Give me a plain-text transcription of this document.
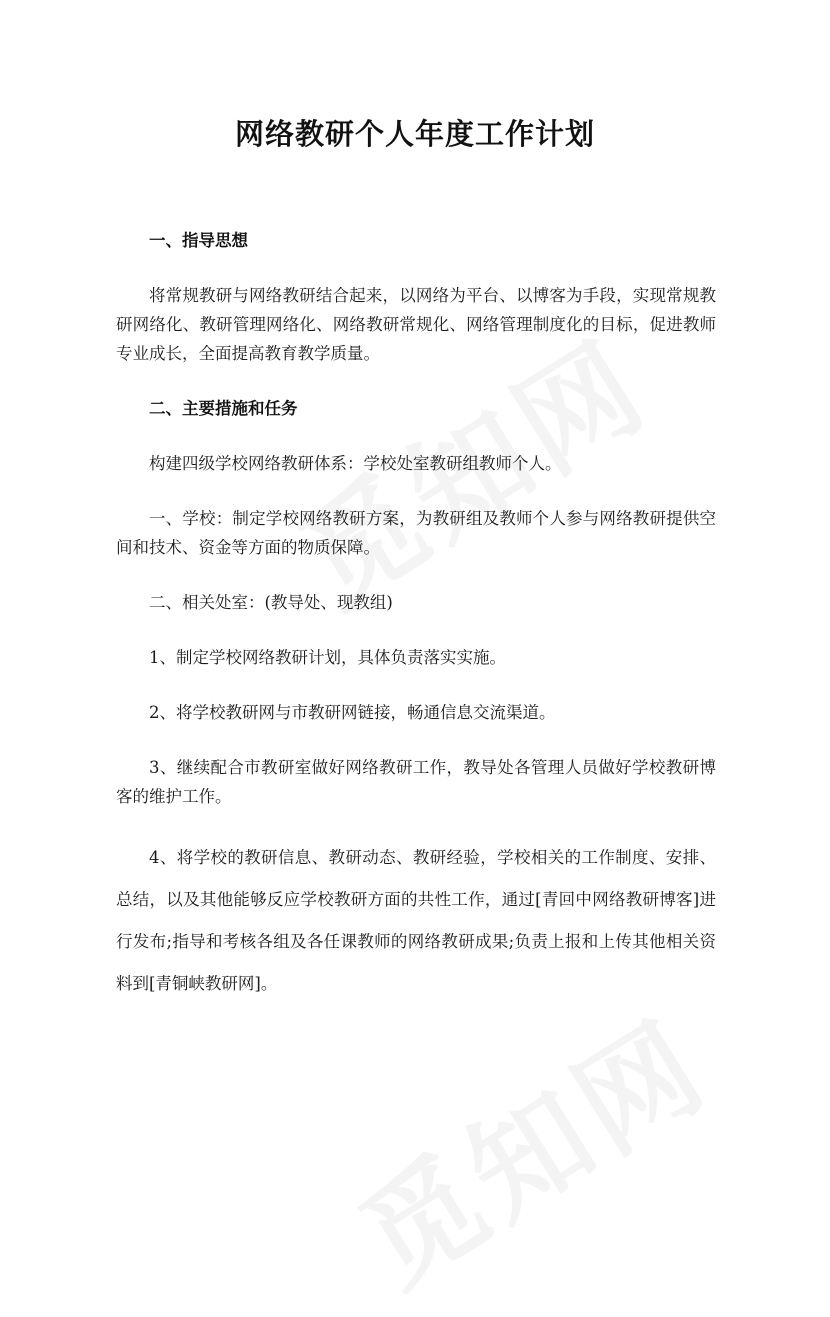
网络教研个人年度工作计划

一、指导思想

将常规教研与网络教研结合起来，以网络为平台、以博客为手段，实现常规教研网络化、教研管理网络化、网络教研常规化、网络管理制度化的目标，促进教师专业成长，全面提高教育教学质量。

二、主要措施和任务

构建四级学校网络教研体系：学校处室教研组教师个人。

一、学校：制定学校网络教研方案，为教研组及教师个人参与网络教研提供空间和技术、资金等方面的物质保障。

二、相关处室：(教导处、现教组)

1、制定学校网络教研计划，具体负责落实实施。

2、将学校教研网与市教研网链接，畅通信息交流渠道。

3、继续配合市教研室做好网络教研工作，教导处各管理人员做好学校教研博客的维护工作。

4、将学校的教研信息、教研动态、教研经验，学校相关的工作制度、安排、总结，以及其他能够反应学校教研方面的共性工作，通过[青回中网络教研博客]进行发布;指导和考核各组及各任课教师的网络教研成果;负责上报和上传其他相关资料到[青铜峡教研网]。
